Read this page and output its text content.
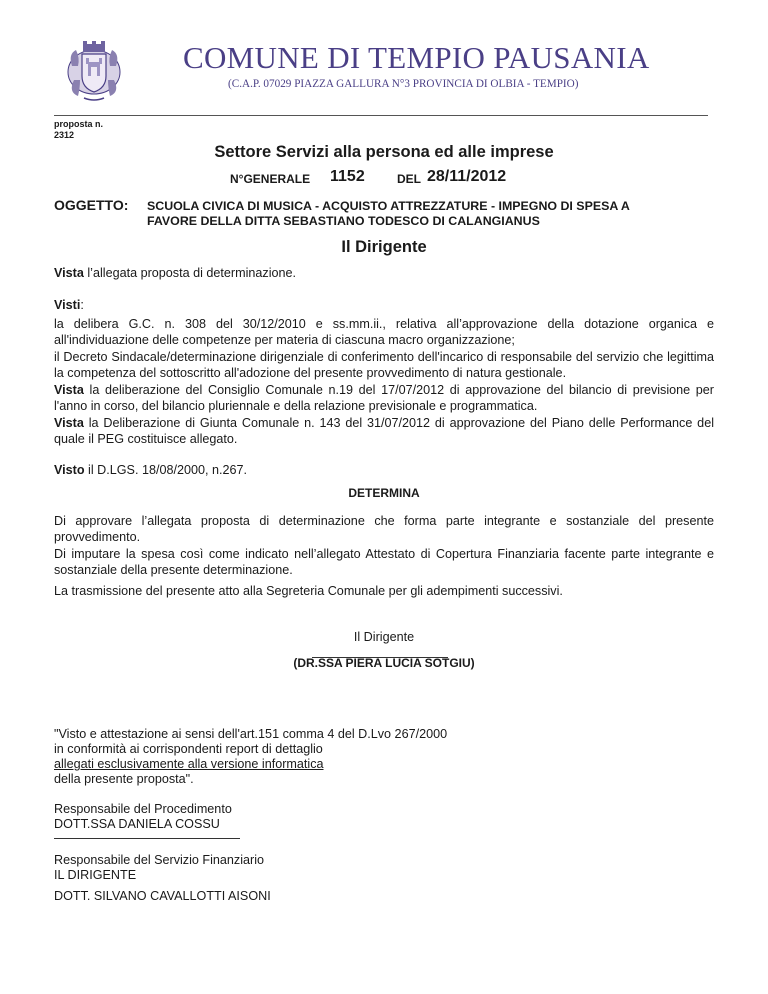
COMUNE DI TEMPIO PAUSANIA
(C.A.P. 07029 PIAZZA GALLURA N°3 PROVINCIA DI OLBIA - TEMPIO)
proposta n.
2312
Settore Servizi alla persona ed alle imprese
N°GENERALE 1152	DEL 28/11/2012
OGGETTO: SCUOLA CIVICA DI MUSICA - ACQUISTO ATTREZZATURE - IMPEGNO DI SPESA A
FAVORE DELLA DITTA SEBASTIANO TODESCO DI CALANGIANUS
Il Dirigente
Vista l’allegata proposta di determinazione.
Visti:
la delibera G.C. n. 308 del 30/12/2010 e ss.mm.ii., relativa all’approvazione della dotazione organica e all'individuazione delle competenze per materia di ciascuna macro organizzazione;
il Decreto Sindacale/determinazione dirigenziale di conferimento dell'incarico di responsabile del servizio che legittima la competenza del sottoscritto all'adozione del presente provvedimento di natura gestionale.
Vista la deliberazione del Consiglio Comunale n.19 del 17/07/2012 di approvazione del bilancio di previsione per l'anno in corso, del bilancio pluriennale e della relazione previsionale e programmatica.
Vista la Deliberazione di Giunta Comunale n. 143 del 31/07/2012 di approvazione del Piano delle Performance del quale il PEG costituisce allegato.
Visto il D.LGS. 18/08/2000, n.267.
DETERMINA
Di approvare l’allegata proposta di determinazione che forma parte integrante e sostanziale del presente provvedimento.
Di imputare la spesa così come indicato nell’allegato Attestato di Copertura Finanziaria facente parte integrante e sostanziale della presente determinazione.
La trasmissione del presente atto alla Segreteria Comunale per gli adempimenti successivi.
Il Dirigente
(DR.SSA PIERA LUCIA SOTGIU)
"Visto e attestazione ai sensi dell'art.151 comma 4 del D.Lvo 267/2000
in conformità ai corrispondenti report di dettaglio
allegati esclusivamente alla versione informatica
della presente proposta".
Responsabile del Procedimento
DOTT.SSA DANIELA COSSU
Responsabile del Servizio Finanziario
IL DIRIGENTE
DOTT. SILVANO CAVALLOTTI AISONI
